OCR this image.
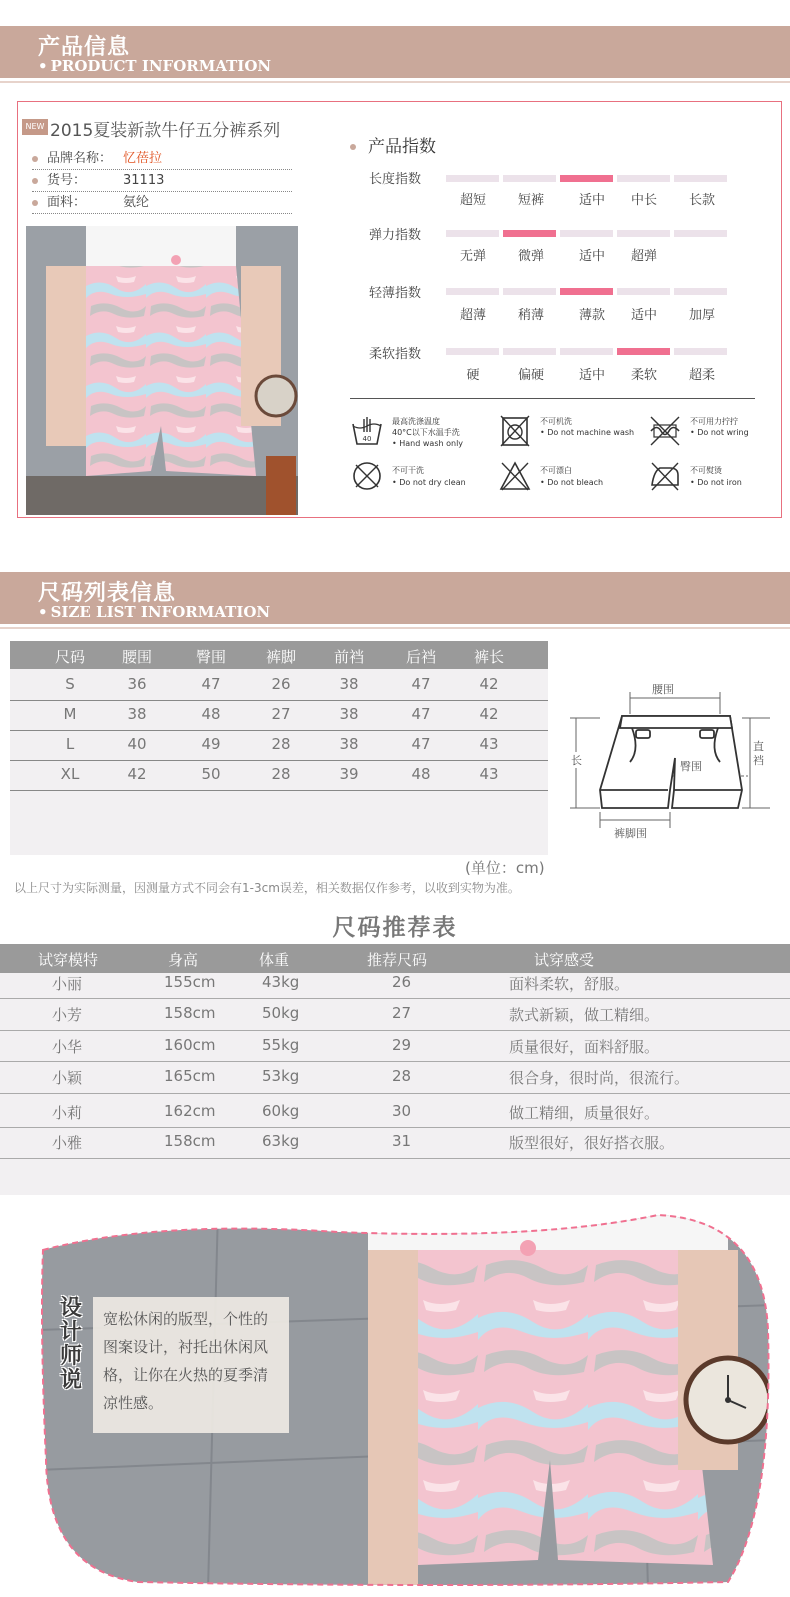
产品信息
• PRODUCT INFORMATION
NEW 2015夏装新款牛仔五分裤系列
品牌名称： 忆蓓拉
货号：	31113
面料：	氨纶
产品指数
长度指数
超短	短裤	适中	中长	长款
弹力指数
无弹	微弹	适中	超弹
轻薄指数
超薄	稍薄	薄款	适中	加厚
柔软指数
硬	偏硬	适中	柔软	超柔
40
最高洗涤温度
40°C以下水温手洗
• Hand wash only
不可机洗
• Do not machine wash
不可用力拧拧
• Do not wring
不可干洗
• Do not dry clean
不可漂白
• Do not bleach
不可熨烫
• Do not iron
尺码列表信息
• SIZE LIST INFORMATION
尺码	腰围	臀围	裤脚	前裆	后裆	裤长
S	36	47	26	38	47	42
M	38	48	27	38	47	42
L	40	49	28	38	47	43
XL	42	50	28	39	48	43
腰围
臀围
裤脚围
长
直裆
(单位：cm)
以上尺寸为实际测量，因测量方式不同会有1-3cm误差，相关数据仅作参考，以收到实物为准。
尺码推荐表
试穿模特	身高	体重	推荐尺码	试穿感受
小丽	155cm	43kg	26	面料柔软，舒服。
小芳	158cm	50kg	27	款式新颖，做工精细。
小华	160cm	55kg	29	质量很好，面料舒服。
小颖	165cm	53kg	28	很合身，很时尚，很流行。
小莉	162cm	60kg	30	做工精细，质量很好。
小雅	158cm	63kg	31	版型很好，很好搭衣服。
设计师说
宽松休闲的版型，个性的图案设计，衬托出休闲风格，让你在火热的夏季清凉性感。
